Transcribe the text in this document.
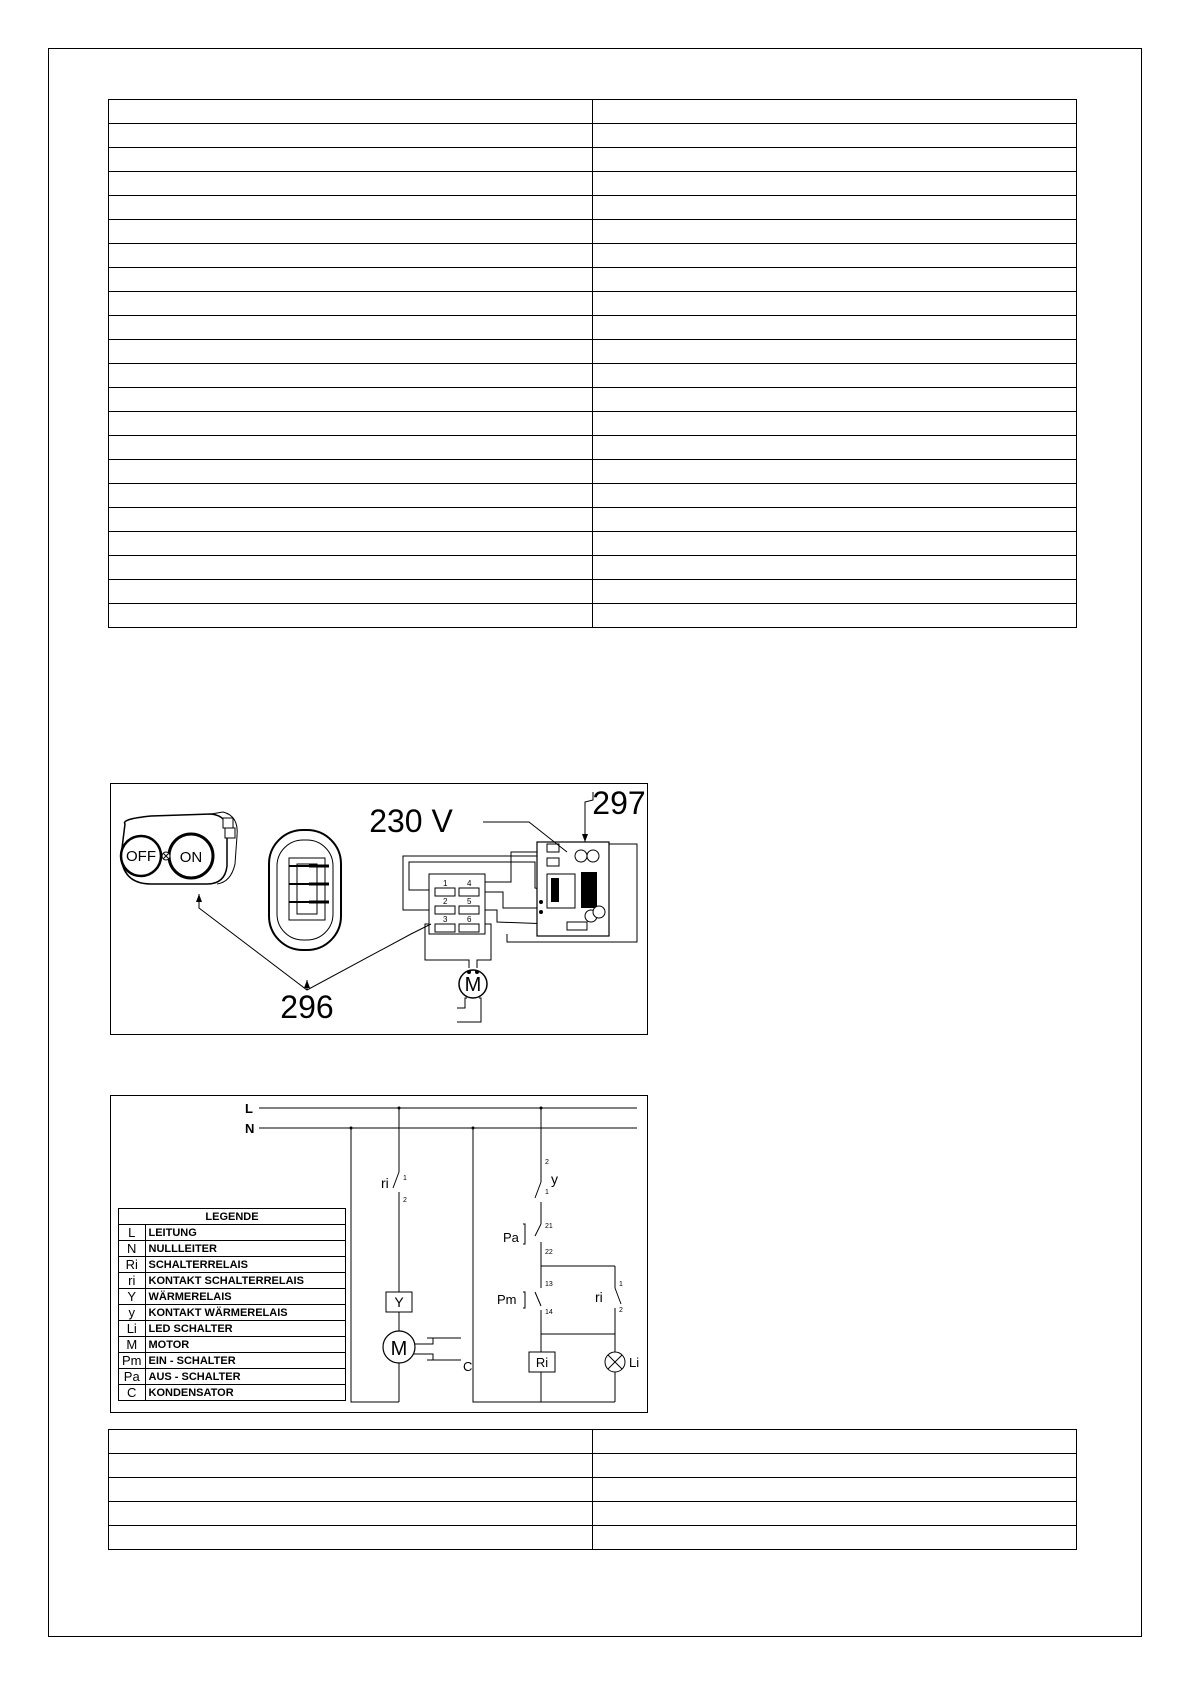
OFF ON
1 4
2 5
3 6
M
296
230 V	297
L
N
ri 1
2
Y
M
C
2
1
y
21
22
Pa
13
14
Pm
1
2
ri
Ri	Li
LEGENDE	
L	LEITUNG
N	NULLLEITER
Ri	SCHALTERRELAIS
ri	KONTAKT SCHALTERRELAIS
Y	WÄRMERELAIS
y	KONTAKT WÄRMERELAIS
Li	LED SCHALTER
M	MOTOR
Pm	EIN - SCHALTER
Pa	AUS - SCHALTER
C	KONDENSATOR
